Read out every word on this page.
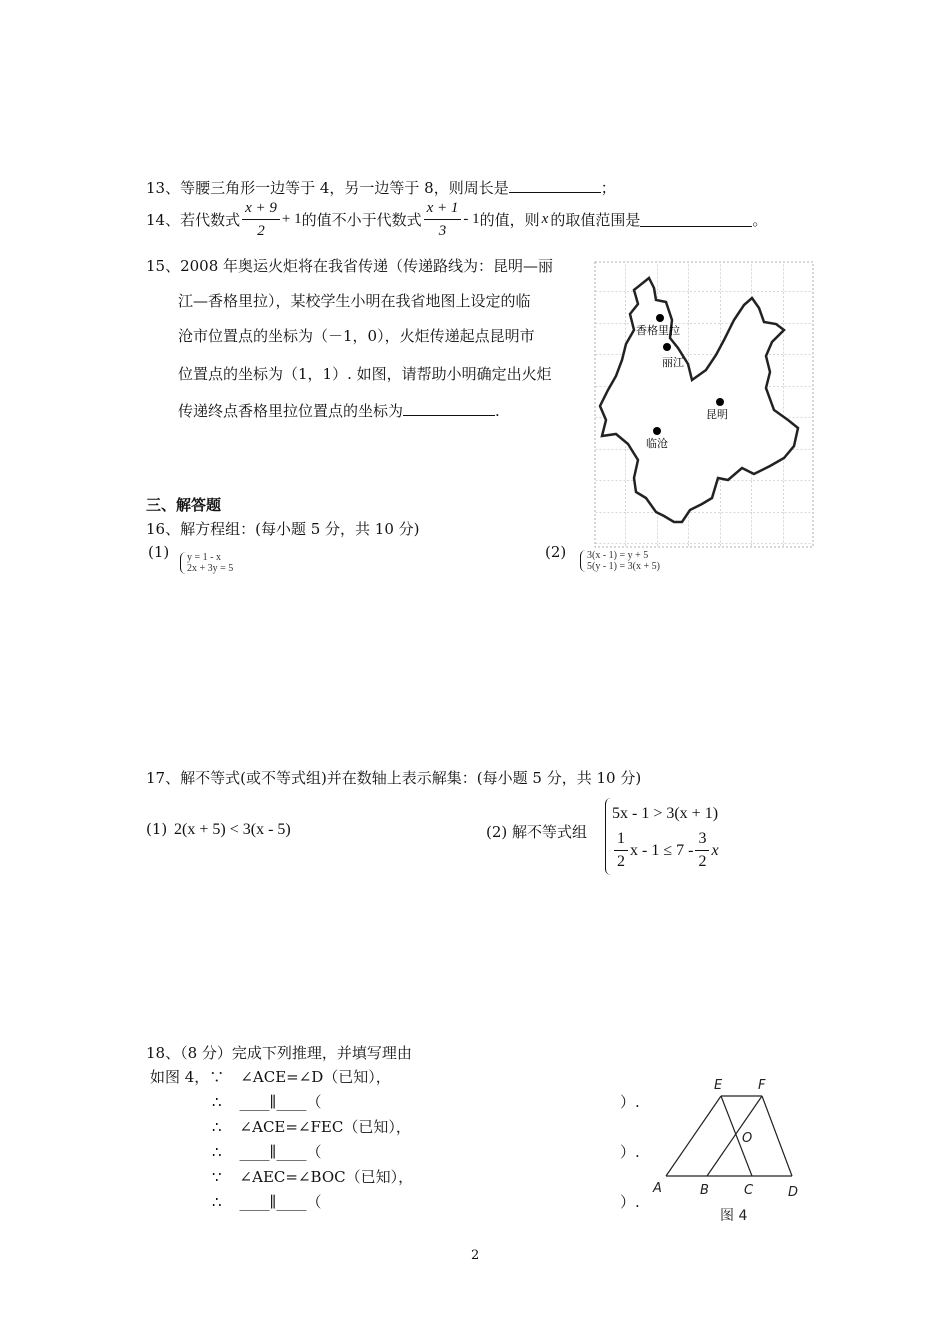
13、等腰三角形一边等于 4，另一边等于 8，则周长是	；
14、若代数式 $\frac{x + 9}{2} + 1$ 的值不小于代数式 $\frac{x + 1}{3} - 1$ 的值，则 x 的取值范围是	。
15、2008 年奥运火炬将在我省传递（传递路线为：昆明—丽
江—香格里拉），某校学生小明在我省地图上设定的临
沧市位置点的坐标为（－1，0），火炬传递起点昆明市
位置点的坐标为（1，1）. 如图，请帮助小明确定出火炬
传递终点香格里拉位置点的坐标为	.
香格里拉
丽江
昆明
临沧
三、解答题
16、解方程组：(每小题 5 分，共 10 分)
(1)	y = 1 - x
2x + 3y = 5
(2)	3(x - 1) = y + 5
5(y - 1) = 3(x + 5)
17、解不等式(或不等式组)并在数轴上表示解集：(每小题 5 分，共 10 分)
(1) 2(x + 5) < 3(x - 5)	(2) 解不等式组
5x - 1 > 3(x + 1)
$\frac{1}{2}$ $x - 1 \le 7 - \frac{3}{2}$ x
18、（8 分）完成下列推理，并填写理由
如图 4，∵ ∠ACE=∠D（已知），
∴ ____∥____（	）.
∴ ∠ACE=∠FEC（已知），
∴ ____∥____（	）.
∵ ∠AEC=∠BOC（已知），
∴ ____∥____（	）.
E	F
O
A	B	C	D
图 4
2
